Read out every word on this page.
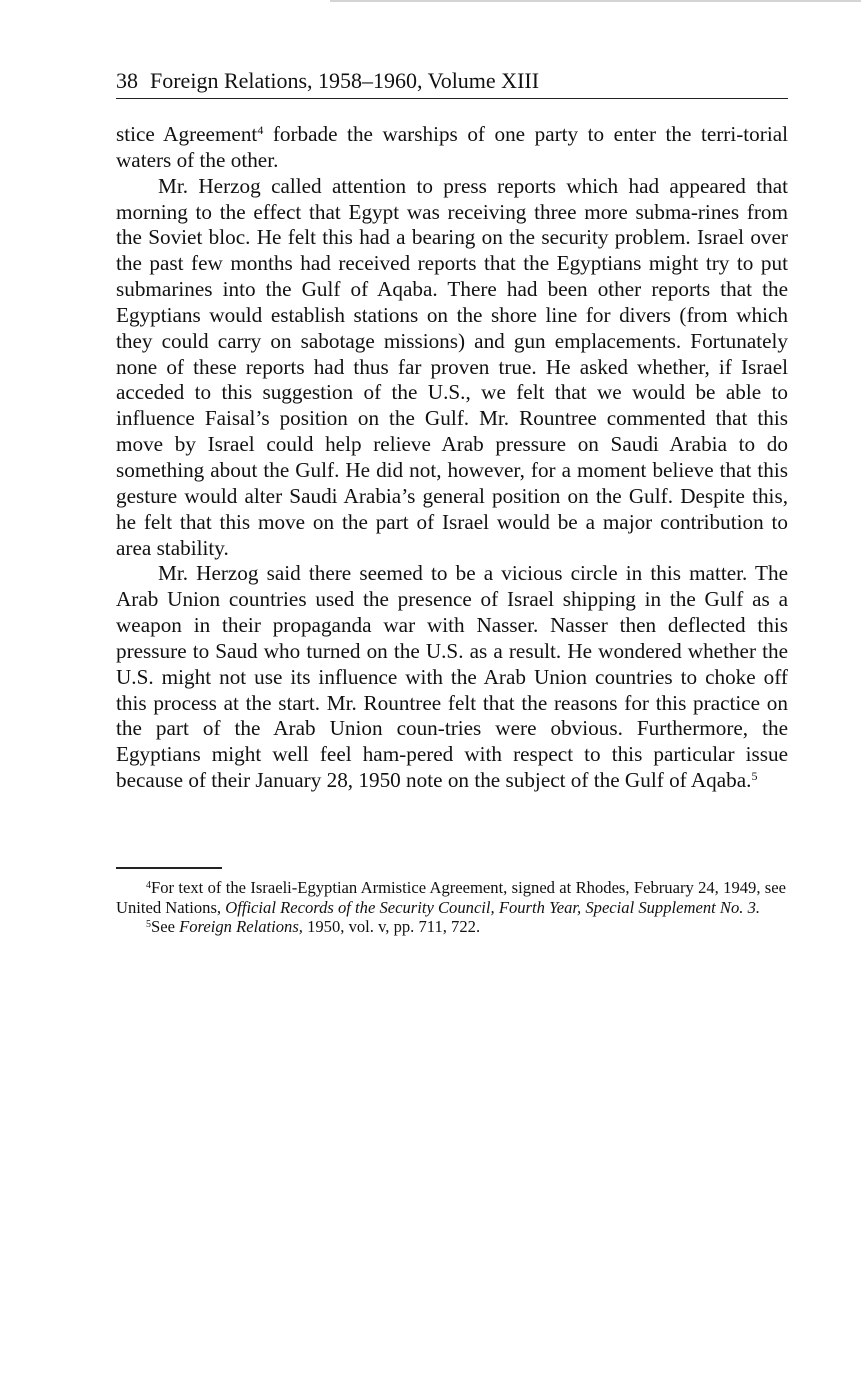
38 Foreign Relations, 1958–1960, Volume XIII

stice Agreement$^4$ forbade the warships of one party to enter the terri-torial waters of the other.

Mr. Herzog called attention to press reports which had appeared that morning to the effect that Egypt was receiving three more subma-rines from the Soviet bloc. He felt this had a bearing on the security problem. Israel over the past few months had received reports that the Egyptians might try to put submarines into the Gulf of Aqaba. There had been other reports that the Egyptians would establish stations on the shore line for divers (from which they could carry on sabotage missions) and gun emplacements. Fortunately none of these reports had thus far proven true. He asked whether, if Israel acceded to this suggestion of the U.S., we felt that we would be able to influence Faisal’s position on the Gulf. Mr. Rountree commented that this move by Israel could help relieve Arab pressure on Saudi Arabia to do something about the Gulf. He did not, however, for a moment believe that this gesture would alter Saudi Arabia’s general position on the Gulf. Despite this, he felt that this move on the part of Israel would be a major contribution to area stability.

Mr. Herzog said there seemed to be a vicious circle in this matter. The Arab Union countries used the presence of Israel shipping in the Gulf as a weapon in their propaganda war with Nasser. Nasser then deflected this pressure to Saud who turned on the U.S. as a result. He wondered whether the U.S. might not use its influence with the Arab Union countries to choke off this process at the start. Mr. Rountree felt that the reasons for this practice on the part of the Arab Union coun-tries were obvious. Furthermore, the Egyptians might well feel ham-pered with respect to this particular issue because of their January 28, 1950 note on the subject of the Gulf of Aqaba.$^5$

$^4$For text of the Israeli-Egyptian Armistice Agreement, signed at Rhodes, February 24, 1949, see United Nations, Official Records of the Security Council, Fourth Year, Special Supplement No. 3.

$^5$See Foreign Relations, 1950, vol. v, pp. 711, 722.
